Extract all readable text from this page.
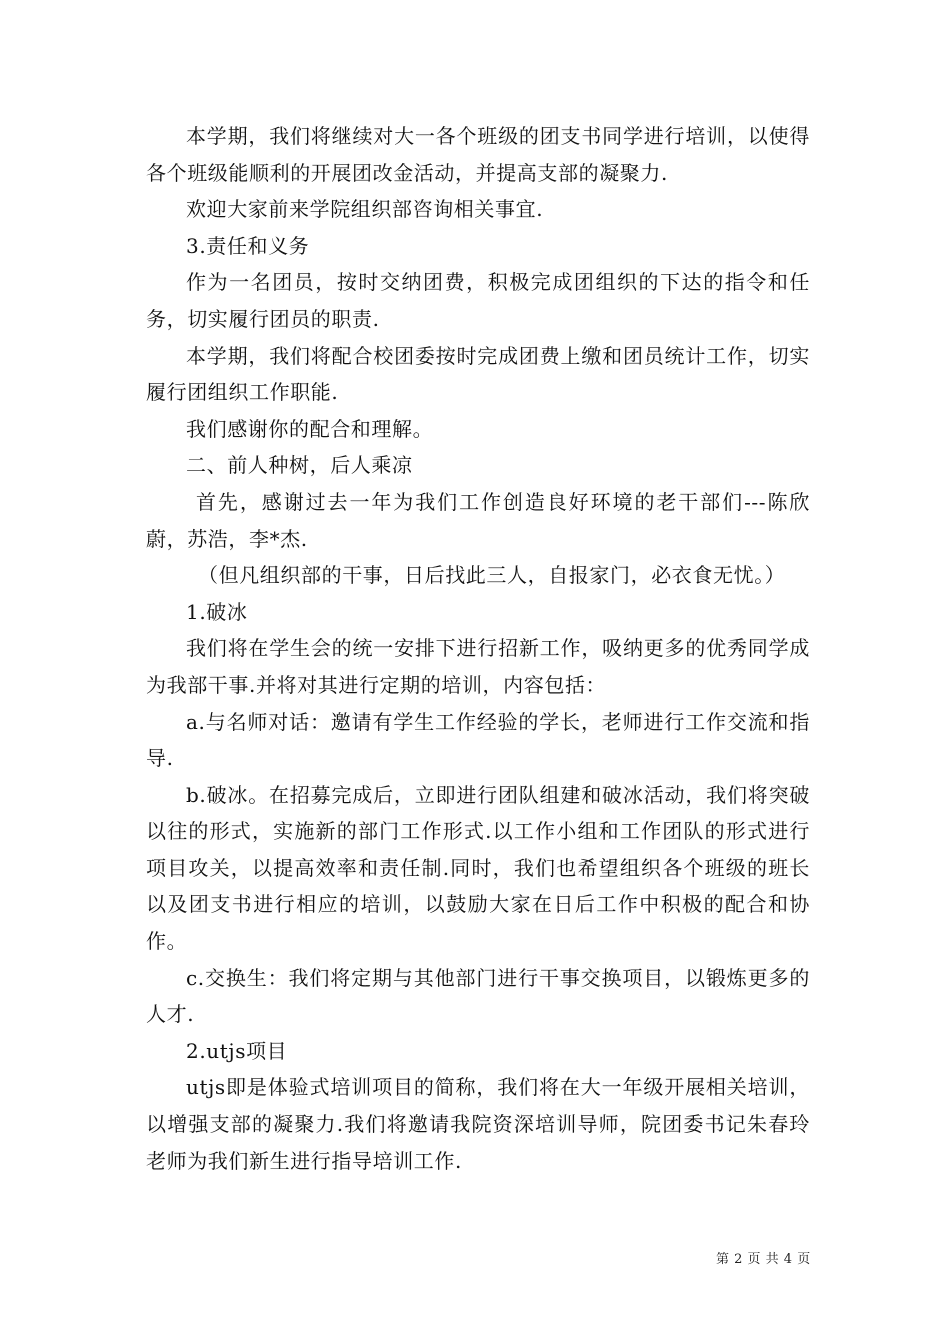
本学期，我们将继续对大一各个班级的团支书同学进行培训，以使得各个班级能顺利的开展团改金活动，并提高支部的凝聚力.

欢迎大家前来学院组织部咨询相关事宜.

3.责任和义务

作为一名团员，按时交纳团费，积极完成团组织的下达的指令和任务，切实履行团员的职责.

本学期，我们将配合校团委按时完成团费上缴和团员统计工作，切实履行团组织工作职能.

我们感谢你的配合和理解。

二、前人种树，后人乘凉

首先，感谢过去一年为我们工作创造良好环境的老干部们---陈欣蔚，苏浩，李*杰.

（但凡组织部的干事，日后找此三人，自报家门，必衣食无忧。）

1.破冰

我们将在学生会的统一安排下进行招新工作，吸纳更多的优秀同学成为我部干事.并将对其进行定期的培训，内容包括：

a.与名师对话：邀请有学生工作经验的学长，老师进行工作交流和指导.

b.破冰。在招募完成后，立即进行团队组建和破冰活动，我们将突破以往的形式，实施新的部门工作形式.以工作小组和工作团队的形式进行项目攻关，以提高效率和责任制.同时，我们也希望组织各个班级的班长以及团支书进行相应的培训，以鼓励大家在日后工作中积极的配合和协作。

c.交换生：我们将定期与其他部门进行干事交换项目，以锻炼更多的人才.

2.utjs项目

utjs即是体验式培训项目的简称，我们将在大一年级开展相关培训，以增强支部的凝聚力.我们将邀请我院资深培训导师，院团委书记朱春玲老师为我们新生进行指导培训工作.

第 2 页 共 4 页
